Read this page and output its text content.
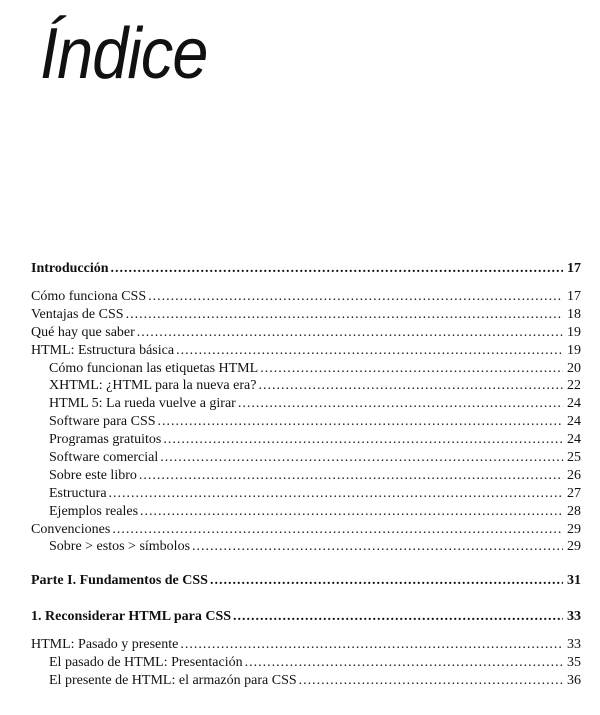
Índice
Introducción .....	17
Cómo funciona CSS .....	17
Ventajas de CSS .....	18
Qué hay que saber .....	19
HTML: Estructura básica .....	19
Cómo funcionan las etiquetas HTML .....	20
XHTML: ¿HTML para la nueva era? .....	22
HTML 5: La rueda vuelve a girar .....	24
Software para CSS .....	24
Programas gratuitos .....	24
Software comercial .....	25
Sobre este libro .....	26
Estructura .....	27
Ejemplos reales .....	28
Convenciones .....	29
Sobre > estos > símbolos .....	29
Parte I. Fundamentos de CSS .....	31
1. Reconsiderar HTML para CSS .....	33
HTML: Pasado y presente .....	33
El pasado de HTML: Presentación .....	35
El presente de HTML: el armazón para CSS .....	36
